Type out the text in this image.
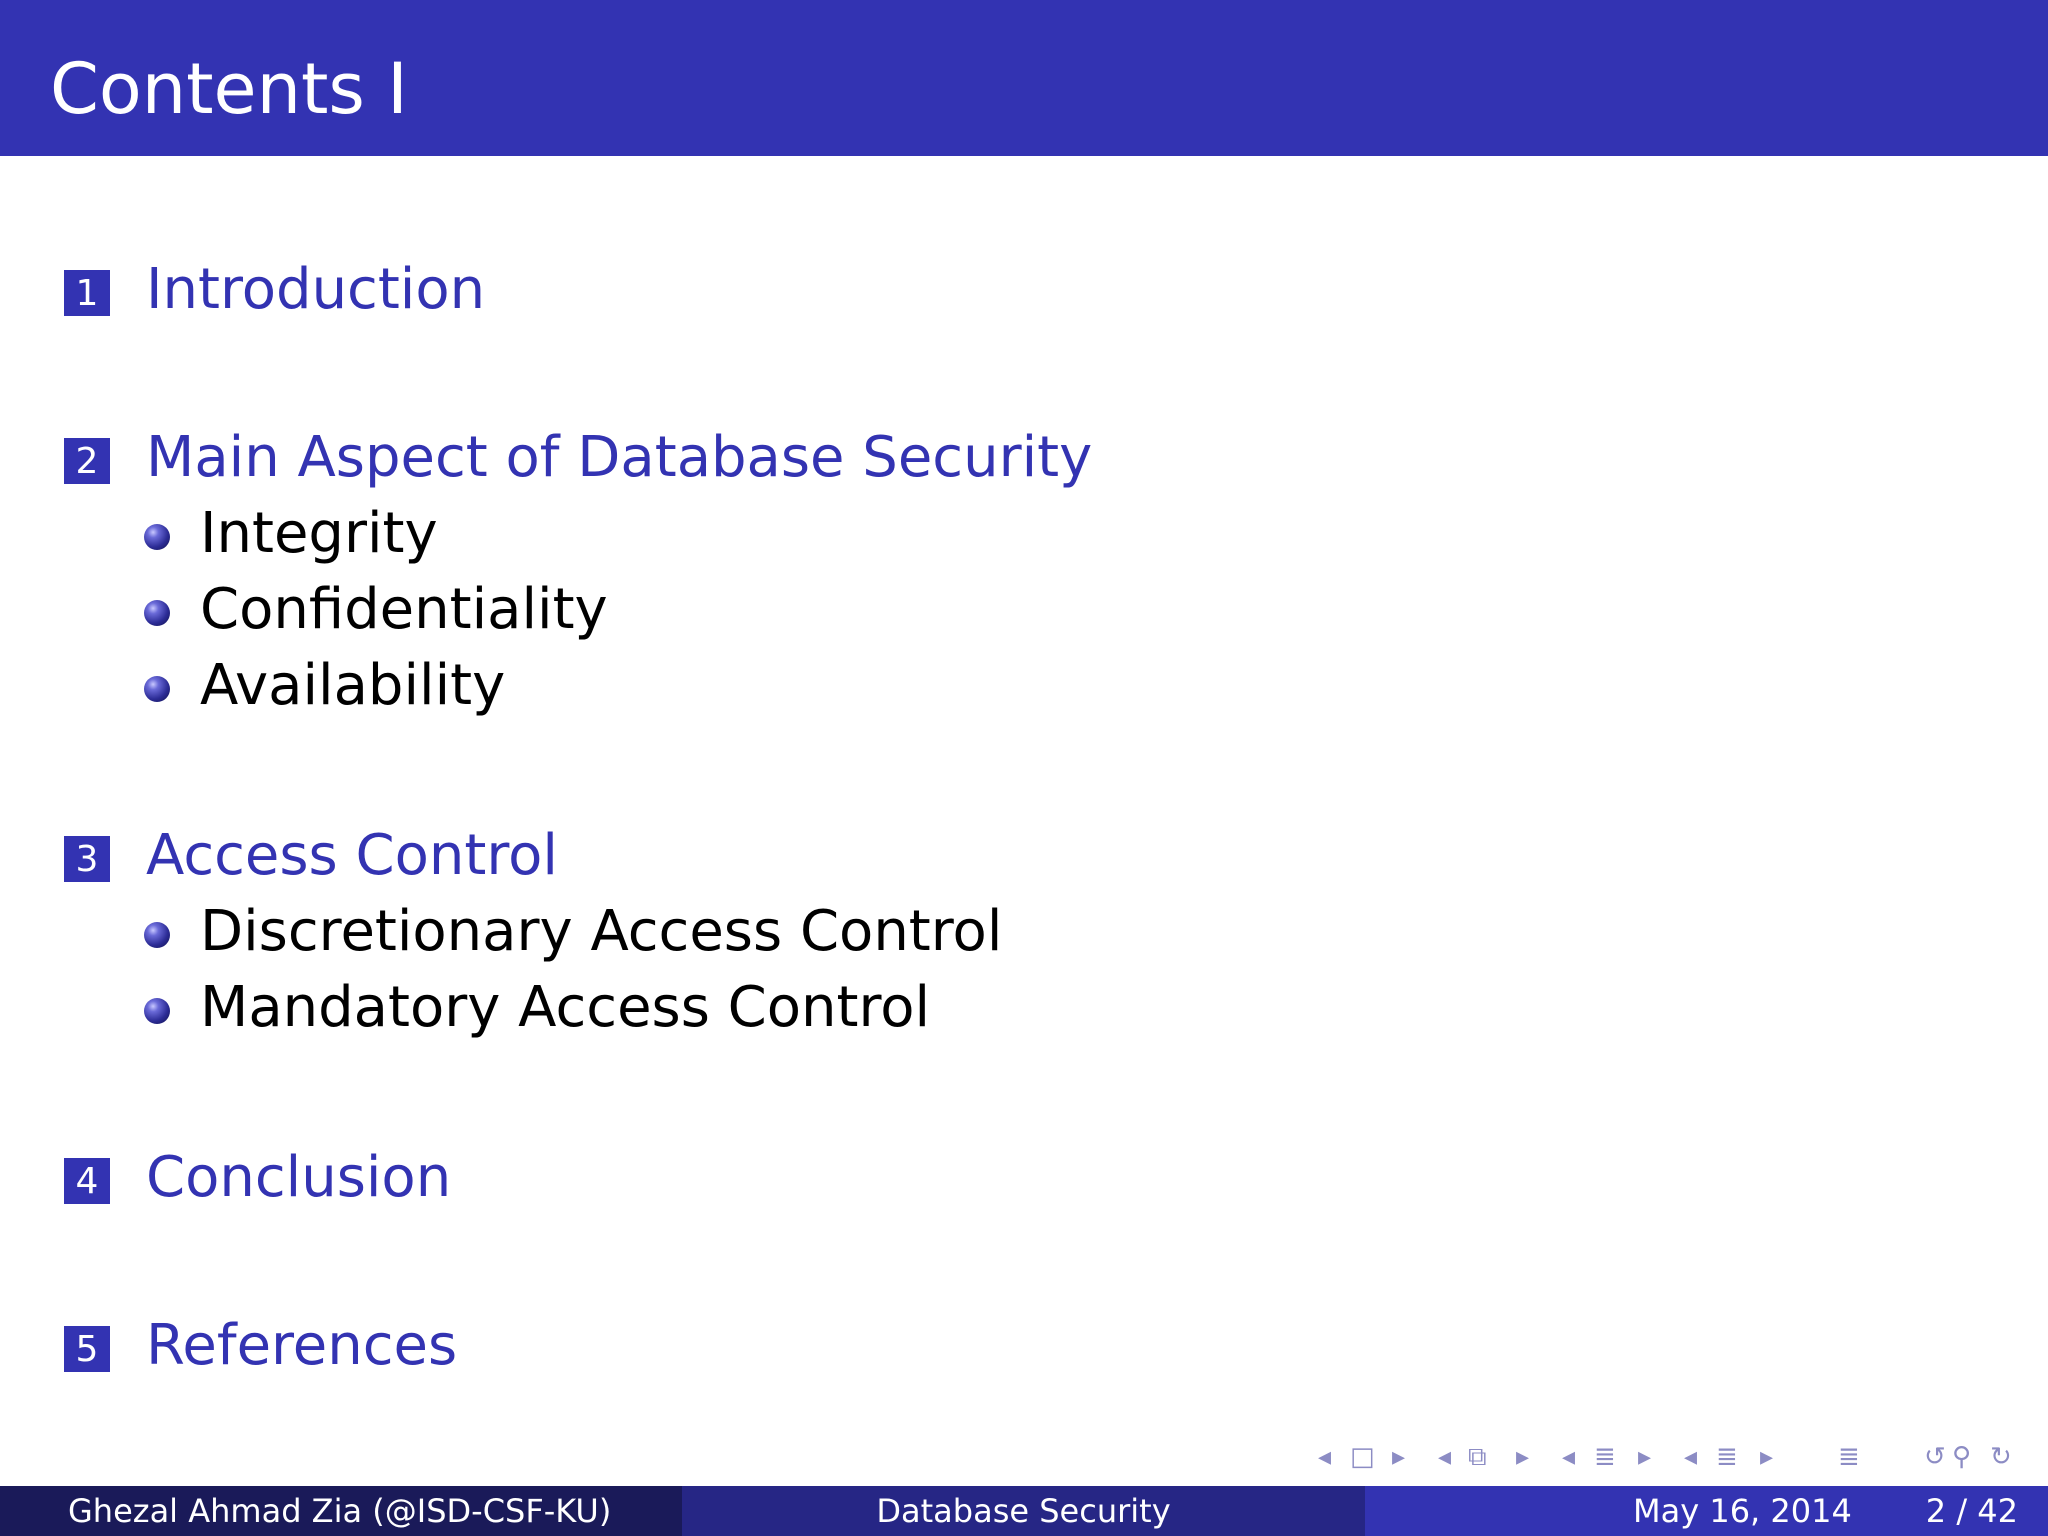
Contents I
1 Introduction
2 Main Aspect of Database Security
Integrity
Confidentiality
Availability
3 Access Control
Discretionary Access Control
Mandatory Access Control
4 Conclusion
5 References
◂ □ ▸ ◂ ⧉ ▸ ◂ ≣ ▸ ◂ ≣ ▸ ≣ ↺ ⚲ ↻
Ghezal Ahmad Zia (@ISD-CSF-KU)	Database Security	May 16, 2014 2 / 42
